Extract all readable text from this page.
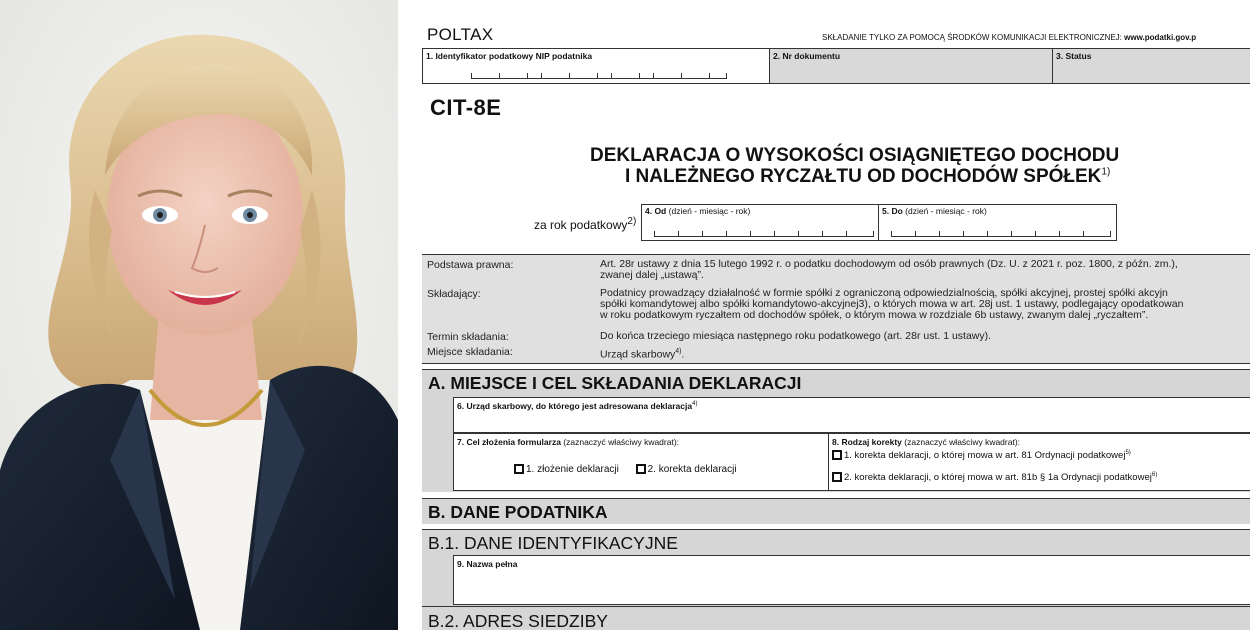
POLTAX	SKŁADANIE TYLKO ZA POMOCĄ ŚRODKÓW KOMUNIKACJI ELEKTRONICZNEJ: www.podatki.gov.p
1. Identyfikator podatkowy NIP podatnika	2. Nr dokumentu	3. Status
CIT-8E
DEKLARACJA O WYSOKOŚCI OSIĄGNIĘTEGO DOCHODU
I NALEŻNEGO RYCZAŁTU OD DOCHODÓW SPÓŁEK$^{1)}$
za rok podatkowy$^{2)}$
4. Od (dzień - miesiąc - rok)	5. Do (dzień - miesiąc - rok)
Podstawa prawna:	Art. 28r ustawy z dnia 15 lutego 1992 r. o podatku dochodowym od osób prawnych (Dz. U. z 2021 r. poz. 1800, z późn. zm.),
zwanej dalej „ustawą”.
Składający:	Podatnicy prowadzący działalność w formie spółki z ograniczoną odpowiedzialnością, spółki akcyjnej, prostej spółki akcyjn
spółki komandytowej albo spółki komandytowo-akcyjnej3), o których mowa w art. 28j ust. 1 ustawy, podlegający opodatkowan
w roku podatkowym ryczałtem od dochodów spółek, o którym mowa w rozdziale 6b ustawy, zwanym dalej „ryczałtem”.
Termin składania:	Do końca trzeciego miesiąca następnego roku podatkowego (art. 28r ust. 1 ustawy).
Miejsce składania:	Urząd skarbowy$^{4)}$.
A. MIEJSCE I CEL SKŁADANIA DEKLARACJI
6. Urząd skarbowy, do którego jest adresowana deklaracja$^{4)}$
7. Cel złożenia formularza (zaznaczyć właściwy kwadrat):
1. złożenie deklaracji	2. korekta deklaracji
8. Rodzaj korekty (zaznaczyć właściwy kwadrat):
1. korekta deklaracji, o której mowa w art. 81 Ordynacji podatkowej$^{5)}$
2. korekta deklaracji, o której mowa w art. 81b § 1a Ordynacji podatkowej$^{6)}$
B. DANE PODATNIKA
B.1. DANE IDENTYFIKACYJNE
9. Nazwa pełna
B.2. ADRES SIEDZIBY
